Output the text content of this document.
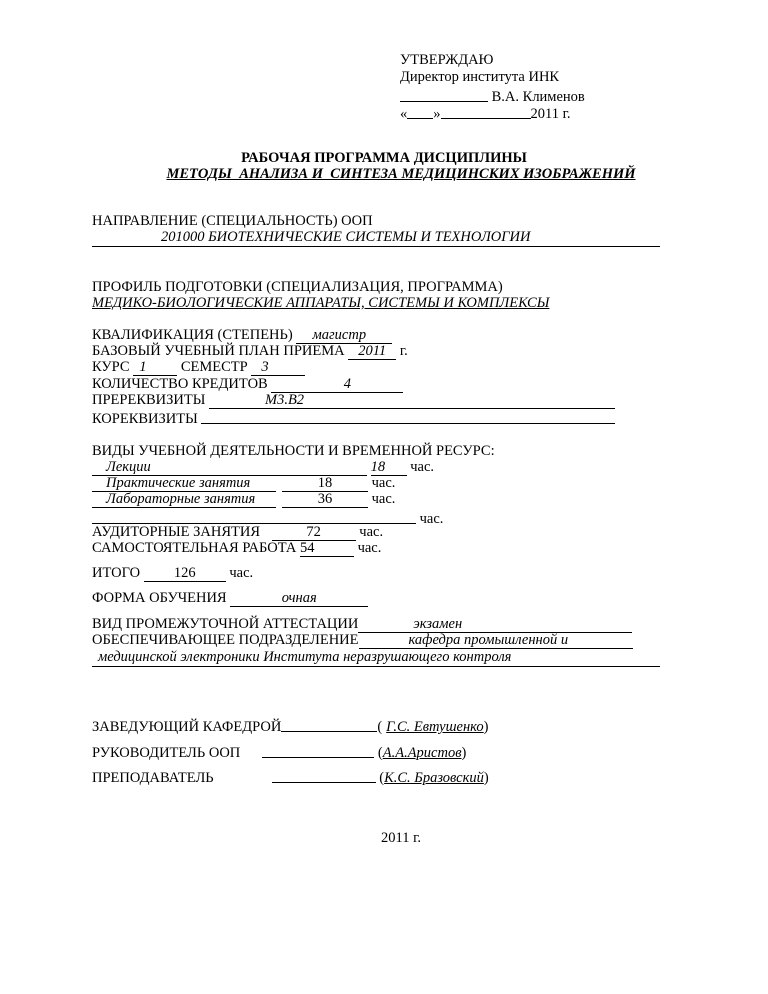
УТВЕРЖДАЮ
Директор института ИНК
В.А. Клименов
« »	2011 г.
РАБОЧАЯ ПРОГРАММА ДИСЦИПЛИНЫ
МЕТОДЫ  АНАЛИЗА И  СИНТЕЗА МЕДИЦИНСКИХ ИЗОБРАЖЕНИЙ
НАПРАВЛЕНИЕ (СПЕЦИАЛЬНОСТЬ) ООП
201000 БИОТЕХНИЧЕСКИЕ СИСТЕМЫ И ТЕХНОЛОГИИ
ПРОФИЛЬ ПОДГОТОВКИ (СПЕЦИАЛИЗАЦИЯ, ПРОГРАММА)
МЕДИКО-БИОЛОГИЧЕСКИЕ АППАРАТЫ, СИСТЕМЫ И КОМПЛЕКСЫ
КВАЛИФИКАЦИЯ (СТЕПЕНЬ) магистр
БАЗОВЫЙ УЧЕБНЫЙ ПЛАН ПРИЕМА 2011 г.
КУРС 1 СЕМЕСТР 3
КОЛИЧЕСТВО КРЕДИТОВ	4
ПРЕРЕКВИЗИТЫ	М3.В2
КОРЕКВИЗИТЫ
ВИДЫ УЧЕБНОЙ ДЕЯТЕЛЬНОСТИ И ВРЕМЕННОЙ РЕСУРС:
Лекции	18 час.
Практические занятия	18	час.
Лабораторные занятия	36	час.
час.
АУДИТОРНЫЕ ЗАНЯТИЯ	72	час.
САМОСТОЯТЕЛЬНАЯ РАБОТА 54	час.
ИТОГО 126 час.
ФОРМА ОБУЧЕНИЯ	очная
ВИД ПРОМЕЖУТОЧНОЙ АТТЕСТАЦИИ	экзамен
ОБЕСПЕЧИВАЮЩЕЕ ПОДРАЗДЕЛЕНИЕ	кафедра промышленной и
медицинской электроники Института неразрушающего контроля
ЗАВЕДУЮЩИЙ КАФЕДРОЙ	( Г.С. Евтушенко)
РУКОВОДИТЕЛЬ ООП	(А.А.Аристов)
ПРЕПОДАВАТЕЛЬ	(К.С. Бразовский)
2011 г.
